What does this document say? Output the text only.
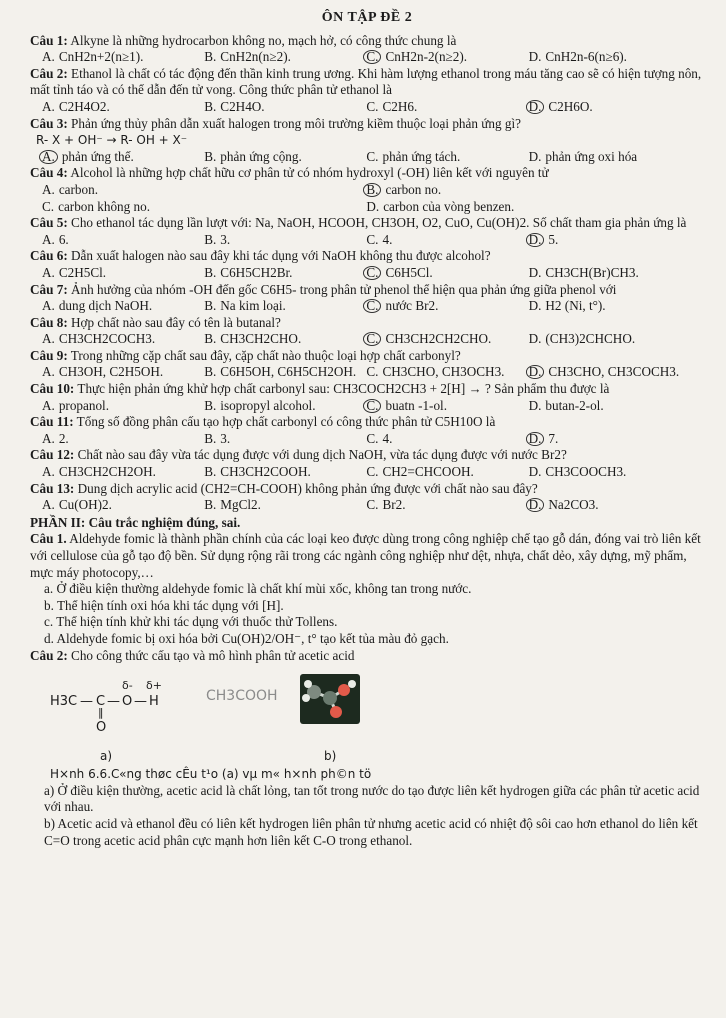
ÔN TẬP ĐỀ 2
Câu 1: Alkyne là những hydrocarbon không no, mạch hở, có công thức chung là
A. CnH2n+2(n≥1).	B. CnH2n(n≥2).	C. CnH2n-2(n≥2).	D. CnH2n-6(n≥6).
Câu 2: Ethanol là chất có tác động đến thần kinh trung ương. Khi hàm lượng ethanol trong máu tăng cao sẽ có hiện tượng nôn, mất tỉnh táo và có thể dẫn đến tử vong. Công thức phân tử ethanol là
A. C2H4O2.	B. C2H4O.	C. C2H6.	D. C2H6O.
Câu 3: Phản ứng thủy phân dẫn xuất halogen trong môi trường kiềm thuộc loại phản ứng gì?
R- X + OH⁻ → R- OH + X⁻
A. phản ứng thế.	B. phản ứng cộng.	C. phản ứng tách.	D. phản ứng oxi hóa
Câu 4: Alcohol là những hợp chất hữu cơ phân tử có nhóm hydroxyl (-OH) liên kết với nguyên tử
A. carbon.	B. carbon no.
C. carbon không no.	D. carbon của vòng benzen.
Câu 5: Cho ethanol tác dụng lần lượt với: Na, NaOH, HCOOH, CH3OH, O2, CuO, Cu(OH)2. Số chất tham gia phản ứng là
A. 6.	B. 3.	C. 4.	D. 5.
Câu 6: Dẫn xuất halogen nào sau đây khi tác dụng với NaOH không thu được alcohol?
A. C2H5Cl.	B. C6H5CH2Br.	C. C6H5Cl.	D. CH3CH(Br)CH3.
Câu 7: Ảnh hưởng của nhóm -OH đến gốc C6H5- trong phân tử phenol thể hiện qua phản ứng giữa phenol với
A. dung dịch NaOH.	B. Na kim loại.	C. nước Br2.	D. H2 (Ni, t°).
Câu 8: Hợp chất nào sau đây có tên là butanal?
A. CH3CH2COCH3.	B. CH3CH2CHO.	C. CH3CH2CH2CHO.	D. (CH3)2CHCHO.
Câu 9: Trong những cặp chất sau đây, cặp chất nào thuộc loại hợp chất carbonyl?
A. CH3OH, C2H5OH.	B. C6H5OH, C6H5CH2OH. C. CH3CHO, CH3OCH3.	D. CH3CHO, CH3COCH3.
Câu 10: Thực hiện phản ứng khử hợp chất carbonyl sau: CH3COCH2CH3 + 2[H] → ? Sản phẩm thu được là
A. propanol.	B. isopropyl alcohol.	C. buatn -1-ol.	D. butan-2-ol.
Câu 11: Tổng số đồng phân cấu tạo hợp chất carbonyl có công thức phân tử C5H10O là
A. 2.	B. 3.	C. 4.	D. 7.
Câu 12: Chất nào sau đây vừa tác dụng được với dung dịch NaOH, vừa tác dụng được với nước Br2?
A. CH3CH2CH2OH.	B. CH3CH2COOH.	C. CH2=CHCOOH.	D. CH3COOCH3.
Câu 13: Dung dịch acrylic acid (CH2=CH-COOH) không phản ứng được với chất nào sau đây?
A. Cu(OH)2.	B. MgCl2.	C. Br2.	D. Na2CO3.
PHẦN II: Câu trắc nghiệm đúng, sai.
Câu 1. Aldehyde fomic là thành phần chính của các loại keo được dùng trong công nghiệp chế tạo gỗ dán, đóng vai trò liên kết với cellulose của gỗ tạo độ bền. Sử dụng rộng rãi trong các ngành công nghiệp như dệt, nhựa, chất dẻo, xây dựng, mỹ phẩm, mực máy photocopy,…
a. Ở điều kiện thường aldehyde fomic là chất khí mùi xốc, không tan trong nước.
b. Thể hiện tính oxi hóa khi tác dụng với [H].
c. Thể hiện tính khử khi tác dụng với thuốc thử Tollens.
d. Aldehyde fomic bị oxi hóa bởi Cu(OH)2/OH⁻, t° tạo kết tủa màu đỏ gạch.
Câu 2: Cho công thức cấu tạo và mô hình phân tử acetic acid
H3C — C — O — H
δ- δ+
‖
O
a)
CH3COOH
b)
H×nh 6.6.C«ng thøc cÊu t¹o (a) vµ m« h×nh ph©n tö
a) Ở điều kiện thường, acetic acid là chất lỏng, tan tốt trong nước do tạo được liên kết hydrogen giữa các phân tử acetic acid với nhau.
b) Acetic acid và ethanol đều có liên kết hydrogen liên phân tử nhưng acetic acid có nhiệt độ sôi cao hơn ethanol do liên kết C=O trong acetic acid phân cực mạnh hơn liên kết C-O trong ethanol.
